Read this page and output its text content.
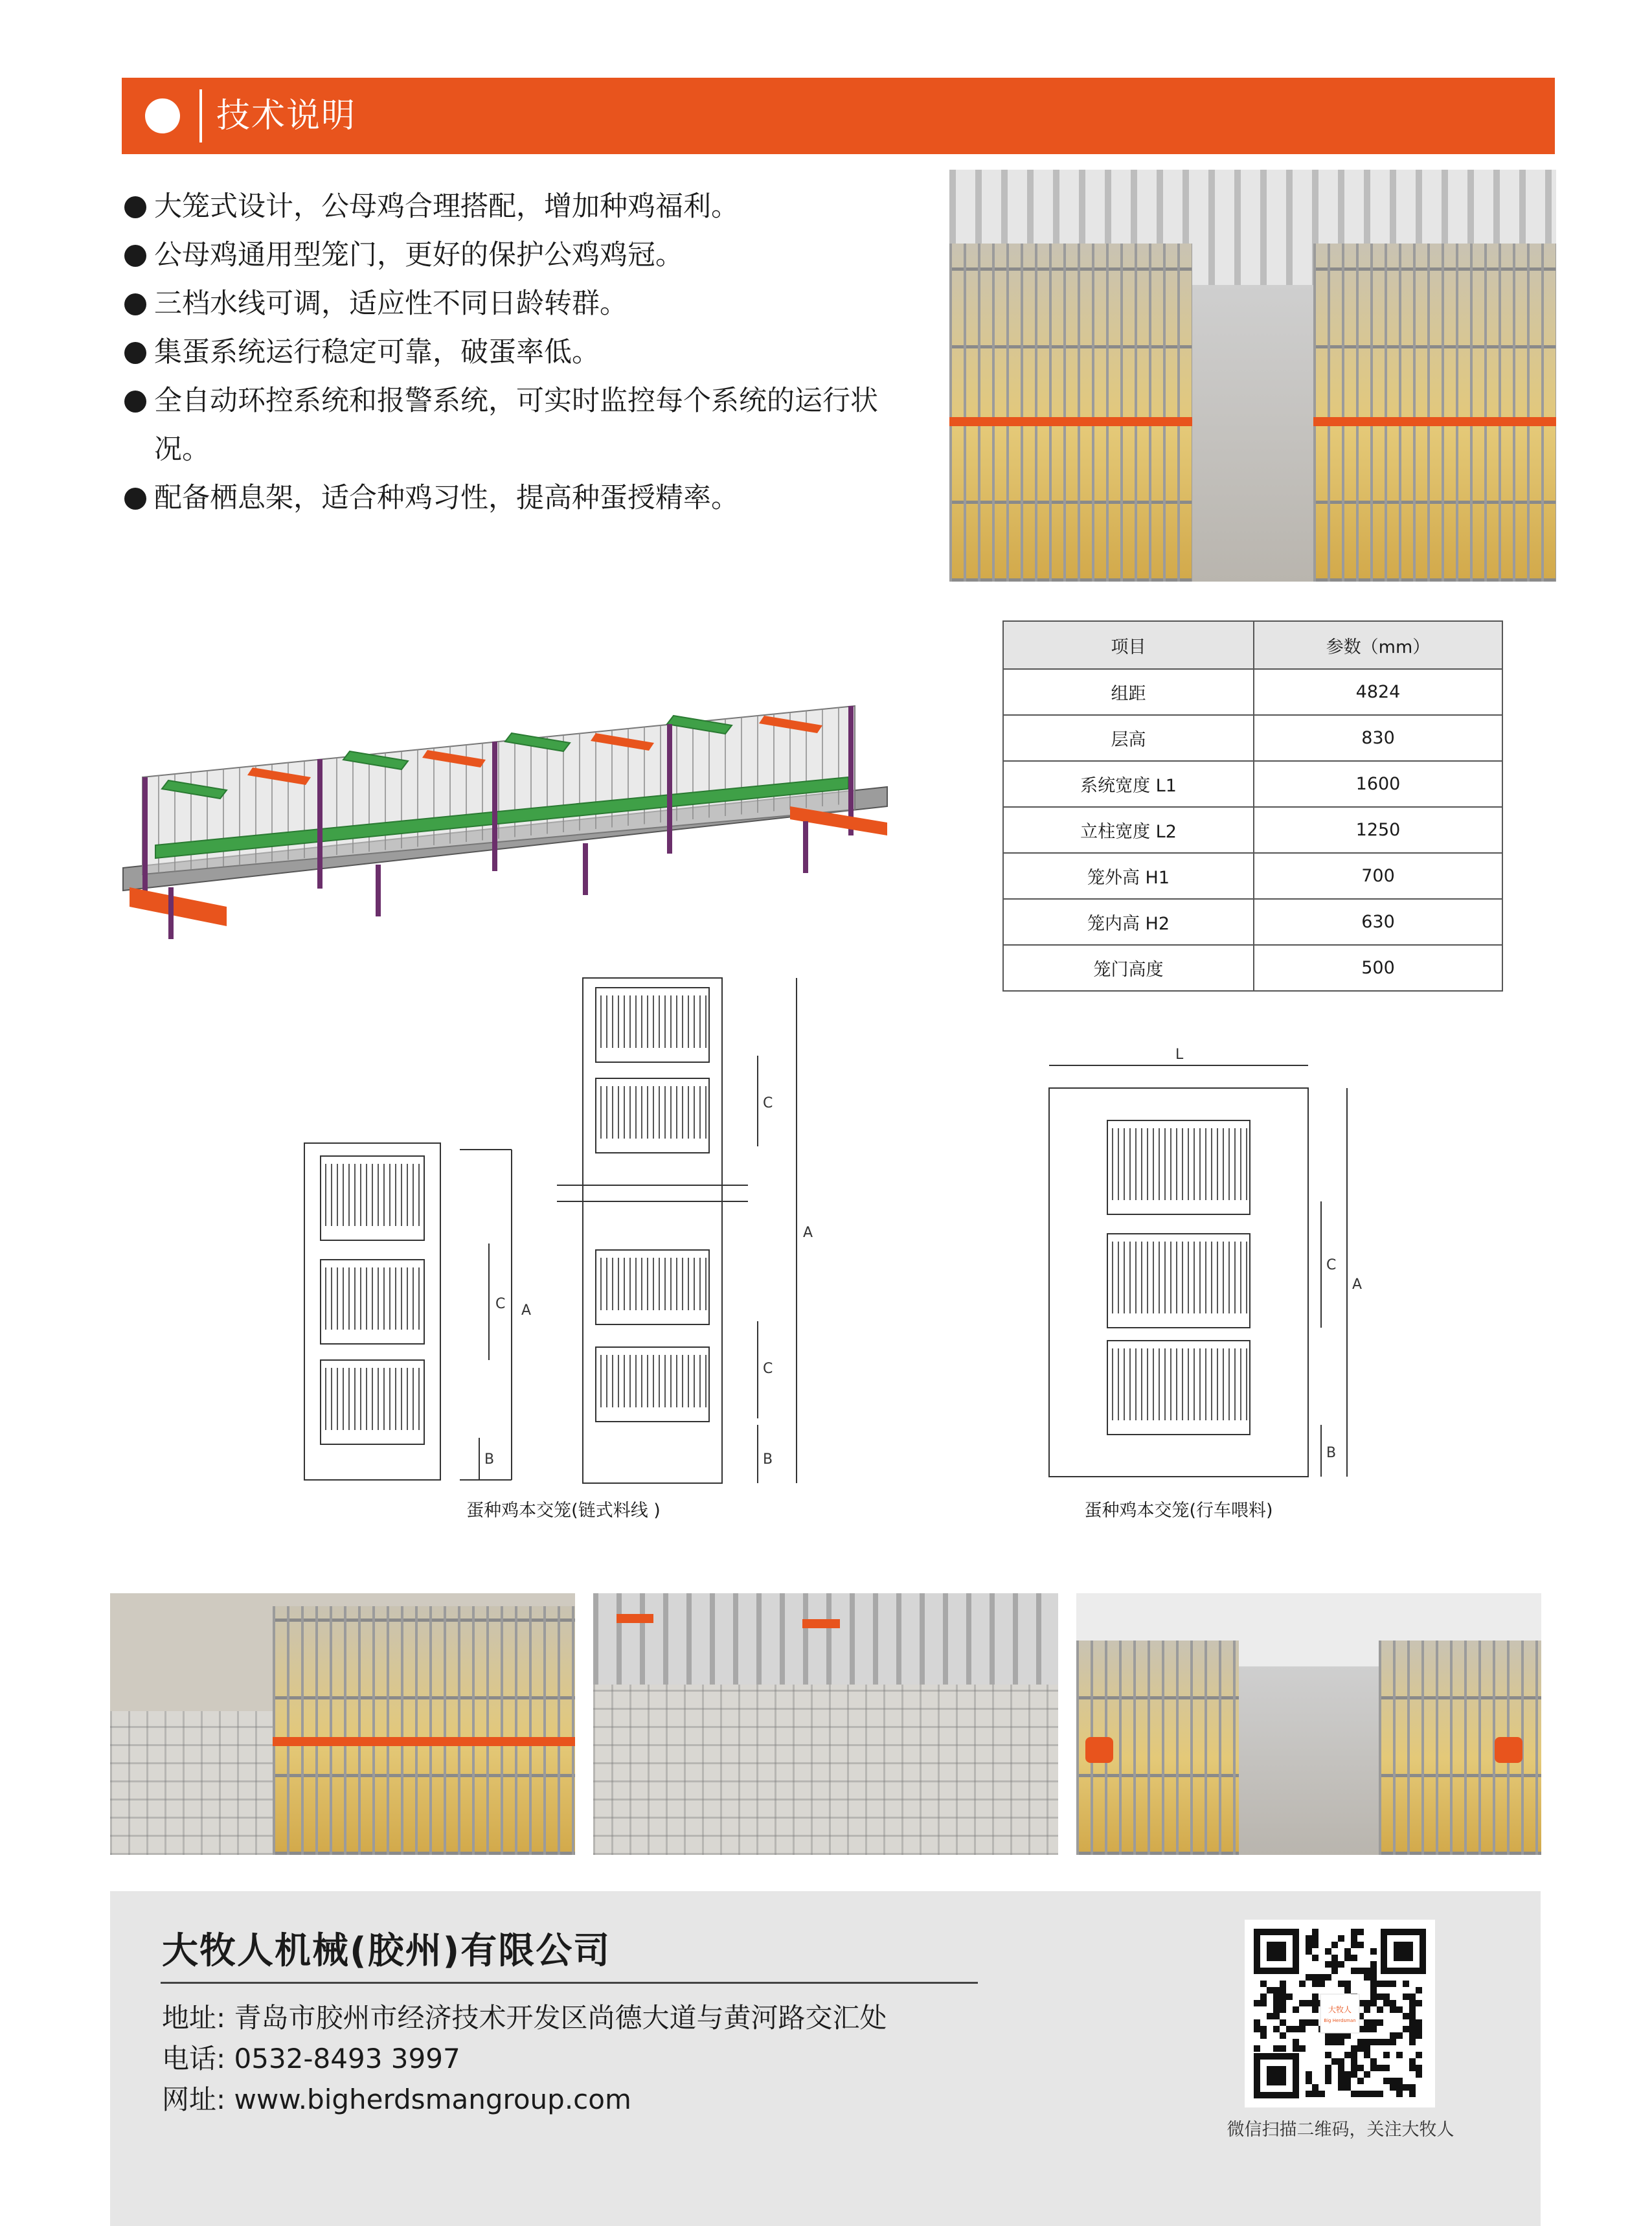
技术说明
大笼式设计，公母鸡合理搭配，增加种鸡福利。
公母鸡通用型笼门，更好的保护公鸡鸡冠。
三档水线可调，适应性不同日龄转群。
集蛋系统运行稳定可靠，破蛋率低。
全自动环控系统和报警系统，可实时监控每个系统的运行状况。
配备栖息架，适合种鸡习性，提高种蛋授精率。
项目	参数（mm）
组距	4824
层高	830
系统宽度 L1	1600
立柱宽度 L2	1250
笼外高 H1	700
笼内高 H2	630
笼门高度	500
A
C
B
A
C
C
B
L
A
C
B
蛋种鸡本交笼(链式料线 )	蛋种鸡本交笼(行车喂料)
大牧人机械(胶州)有限公司
地址: 青岛市胶州市经济技术开发区尚德大道与黄河路交汇处
电话: 0532-8493 3997
网址: www.bigherdsmangroup.com
大牧人
Big Herdsman
微信扫描二维码，关注大牧人
